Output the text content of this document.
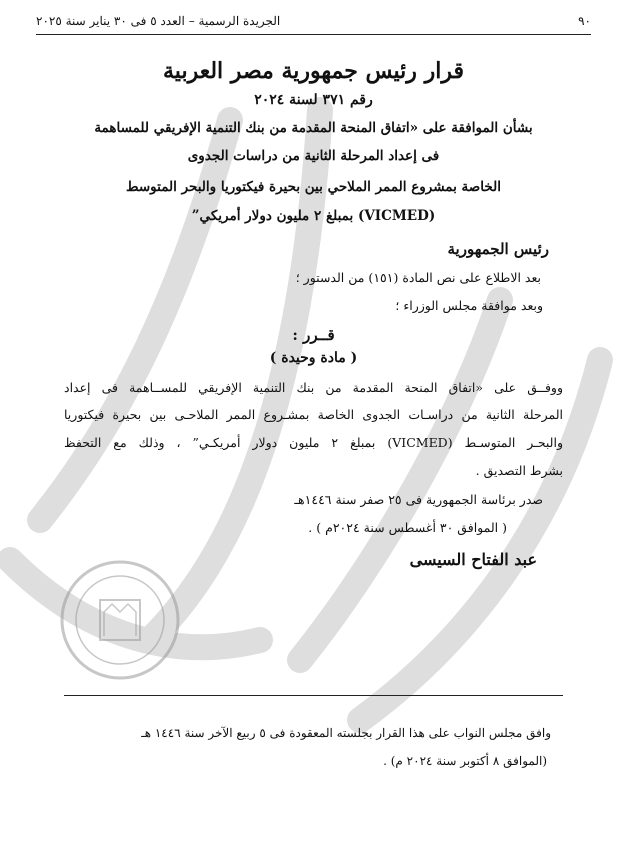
٩٠
الجريدة الرسمية – العدد ٥ فى ٣٠ يناير سنة ٢٠٢٥
قرار رئيس جمهورية مصر العربية
رقم ٣٧١ لسنة ٢٠٢٤
بشأن الموافقة على «اتفاق المنحة المقدمة من بنك التنمية الإفريقي للمساهمة
فى إعداد المرحلة الثانية من دراسات الجدوى
الخاصة بمشروع الممر الملاحي بين بحيرة فيكتوريا والبحر المتوسط
(VICMED) بمبلغ ٢ مليون دولار أمريكي”
رئيس الجمهورية
بعد الاطلاع على نص المادة (١٥١) من الدستور ؛
وبعد موافقة مجلس الوزراء ؛
قــرر :
( مادة وحيدة )
ووفــق على «اتفاق المنحة المقدمة من بنك التنمية الإفريقي للمســاهمة فى إعداد
المرحلة الثانية من دراسـات الجدوى الخاصة بمشـروع الممر الملاحـى بين بحيرة فيكتوريا
والبحـر المتوسـط (VICMED) بمبلغ ٢ مليون دولار أمريكـي” ، وذلك مع التحفظ
بشرط التصديق .
صدر برئاسة الجمهورية فى ٢٥ صفر سنة ١٤٤٦هـ
( الموافق ٣٠ أغسطس سنة ٢٠٢٤م ) .
عبد الفتاح السيسى
وافق مجلس النواب على هذا القرار بجلسته المعقودة فى ٥ ربيع الآخر سنة ١٤٤٦ هـ
(الموافق ٨ أكتوبر سنة ٢٠٢٤ م) .
